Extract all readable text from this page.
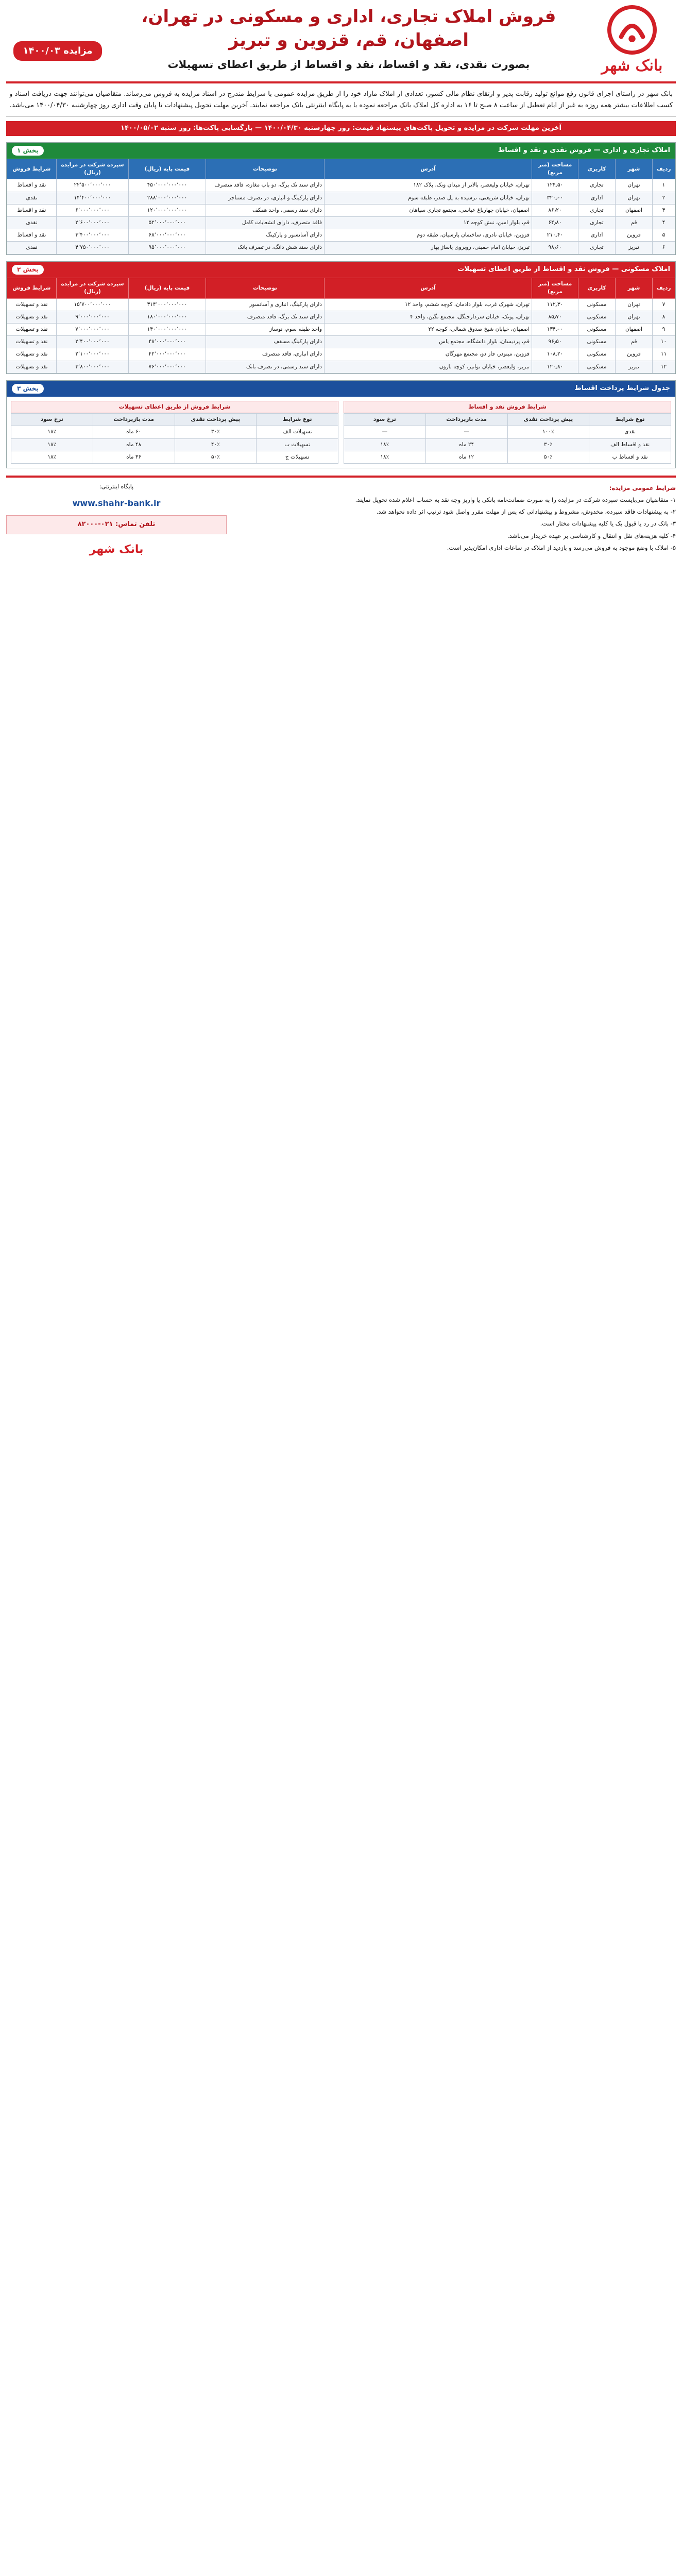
بانک شهر
فروش املاک تجاری، اداری و مسکونی در تهران، اصفهان، قم، قزوین و تبریز
بصورت نقدی، نقد و اقساط، نقد و اقساط از طریق اعطای تسهیلات
مزایده ۱۴۰۰/۰۳

بانک شهر در راستای اجرای قانون رفع موانع تولید رقابت پذیر و ارتقای نظام مالی کشور، تعدادی از املاک مازاد خود را از طریق مزایده عمومی با شرایط مندرج در اسناد مزایده به فروش می‌رساند. متقاضیان می‌توانند جهت دریافت اسناد و کسب اطلاعات بیشتر همه روزه به غیر از ایام تعطیل از ساعت ۸ صبح تا ۱۶ به اداره کل املاک بانک مراجعه نموده یا به پایگاه اینترنتی بانک مراجعه نمایند. آخرین مهلت تحویل پیشنهادات تا پایان وقت اداری روز چهارشنبه ۱۴۰۰/۰۴/۳۰ می‌باشد.

آخرین مهلت شرکت در مزایده و تحویل پاکت‌های پیشنهاد قیمت: روز چهارشنبه ۱۴۰۰/۰۴/۳۰ — بازگشایی پاکت‌ها: روز شنبه ۱۴۰۰/۰۵/۰۲
املاک تجاری و اداری — فروش نقدی و نقد و اقساط
بخش ۱
ردیف	شهر	کاربری	مساحت (متر مربع)	آدرس	توضیحات	قیمت پایه (ریال)	سپرده شرکت در مزایده (ریال)	شرایط فروش
۱	تهران	تجاری	۱۲۴٫۵۰	تهران، خیابان ولیعصر، بالاتر از میدان ونک، پلاک ۱۸۲	دارای سند تک برگ، دو باب مغازه، فاقد متصرف	۴۵۰٬۰۰۰٬۰۰۰٬۰۰۰	۲۲٬۵۰۰٬۰۰۰٬۰۰۰	نقد و اقساط
۲	تهران	اداری	۳۲۰٫۰۰	تهران، خیابان شریعتی، نرسیده به پل صدر، طبقه سوم	دارای پارکینگ و انباری، در تصرف مستاجر	۲۸۸٬۰۰۰٬۰۰۰٬۰۰۰	۱۴٬۴۰۰٬۰۰۰٬۰۰۰	نقدی
۳	اصفهان	تجاری	۸۶٫۲۰	اصفهان، خیابان چهارباغ عباسی، مجتمع تجاری سپاهان	دارای سند رسمی، واحد همکف	۱۲۰٬۰۰۰٬۰۰۰٬۰۰۰	۶٬۰۰۰٬۰۰۰٬۰۰۰	نقد و اقساط
۴	قم	تجاری	۶۴٫۸۰	قم، بلوار امین، نبش کوچه ۱۲	فاقد متصرف، دارای انشعابات کامل	۵۲٬۰۰۰٬۰۰۰٬۰۰۰	۲٬۶۰۰٬۰۰۰٬۰۰۰	نقدی
۵	قزوین	اداری	۲۱۰٫۴۰	قزوین، خیابان نادری، ساختمان پارسیان، طبقه دوم	دارای آسانسور و پارکینگ	۶۸٬۰۰۰٬۰۰۰٬۰۰۰	۳٬۴۰۰٬۰۰۰٬۰۰۰	نقد و اقساط
۶	تبریز	تجاری	۹۸٫۶۰	تبریز، خیابان امام خمینی، روبروی پاساژ بهار	دارای سند شش دانگ، در تصرف بانک	۹۵٬۰۰۰٬۰۰۰٬۰۰۰	۴٬۷۵۰٬۰۰۰٬۰۰۰	نقدی
املاک مسکونی — فروش نقد و اقساط از طریق اعطای تسهیلات
بخش ۲
ردیف	شهر	کاربری	مساحت (متر مربع)	آدرس	توضیحات	قیمت پایه (ریال)	سپرده شرکت در مزایده (ریال)	شرایط فروش
۷	تهران	مسکونی	۱۱۲٫۳۰	تهران، شهرک غرب، بلوار دادمان، کوچه ششم، واحد ۱۲	دارای پارکینگ، انباری و آسانسور	۳۱۴٬۰۰۰٬۰۰۰٬۰۰۰	۱۵٬۷۰۰٬۰۰۰٬۰۰۰	نقد و تسهیلات
۸	تهران	مسکونی	۸۵٫۷۰	تهران، پونک، خیابان سردارجنگل، مجتمع نگین، واحد ۴	دارای سند تک برگ، فاقد متصرف	۱۸۰٬۰۰۰٬۰۰۰٬۰۰۰	۹٬۰۰۰٬۰۰۰٬۰۰۰	نقد و تسهیلات
۹	اصفهان	مسکونی	۱۳۴٫۰۰	اصفهان، خیابان شیخ صدوق شمالی، کوچه ۲۲	واحد طبقه سوم، نوساز	۱۴۰٬۰۰۰٬۰۰۰٬۰۰۰	۷٬۰۰۰٬۰۰۰٬۰۰۰	نقد و تسهیلات
۱۰	قم	مسکونی	۹۶٫۵۰	قم، پردیسان، بلوار دانشگاه، مجتمع یاس	دارای پارکینگ مسقف	۴۸٬۰۰۰٬۰۰۰٬۰۰۰	۲٬۴۰۰٬۰۰۰٬۰۰۰	نقد و تسهیلات
۱۱	قزوین	مسکونی	۱۰۸٫۲۰	قزوین، مینودر، فاز دو، مجتمع مهرگان	دارای انباری، فاقد متصرف	۴۲٬۰۰۰٬۰۰۰٬۰۰۰	۲٬۱۰۰٬۰۰۰٬۰۰۰	نقد و تسهیلات
۱۲	تبریز	مسکونی	۱۲۰٫۸۰	تبریز، ولیعصر، خیابان توانیر، کوچه نارون	دارای سند رسمی، در تصرف بانک	۷۶٬۰۰۰٬۰۰۰٬۰۰۰	۳٬۸۰۰٬۰۰۰٬۰۰۰	نقد و تسهیلات
جدول شرایط پرداخت اقساط
بخش ۳
شرایط فروش نقد و اقساط
نوع شرایط	پیش پرداخت نقدی	مدت بازپرداخت	نرخ سود
نقدی	۱۰۰٪	—	—
نقد و اقساط الف	۳۰٪	۲۴ ماه	۱۸٪
نقد و اقساط ب	۵۰٪	۱۲ ماه	۱۸٪
شرایط فروش از طریق اعطای تسهیلات
نوع شرایط	پیش پرداخت نقدی	مدت بازپرداخت	نرخ سود
تسهیلات الف	۳۰٪	۶۰ ماه	۱۸٪
تسهیلات ب	۴۰٪	۴۸ ماه	۱۸٪
تسهیلات ج	۵۰٪	۳۶ ماه	۱۸٪

شرایط عمومی مزایده:

۱- متقاضیان می‌بایست سپرده شرکت در مزایده را به صورت ضمانت‌نامه بانکی یا واریز وجه نقد به حساب اعلام شده تحویل نمایند.

۲- به پیشنهادات فاقد سپرده، مخدوش، مشروط و پیشنهاداتی که پس از مهلت مقرر واصل شود ترتیب اثر داده نخواهد شد.

۳- بانک در رد یا قبول یک یا کلیه پیشنهادات مختار است.

۴- کلیه هزینه‌های نقل و انتقال و کارشناسی بر عهده خریدار می‌باشد.

۵- املاک با وضع موجود به فروش می‌رسد و بازدید از املاک در ساعات اداری امکان‌پذیر است.

پایگاه اینترنتی:
www.shahr-bank.ir
تلفن تماس: ۰۲۱-۸۲۰۰۰
بانک شهر
